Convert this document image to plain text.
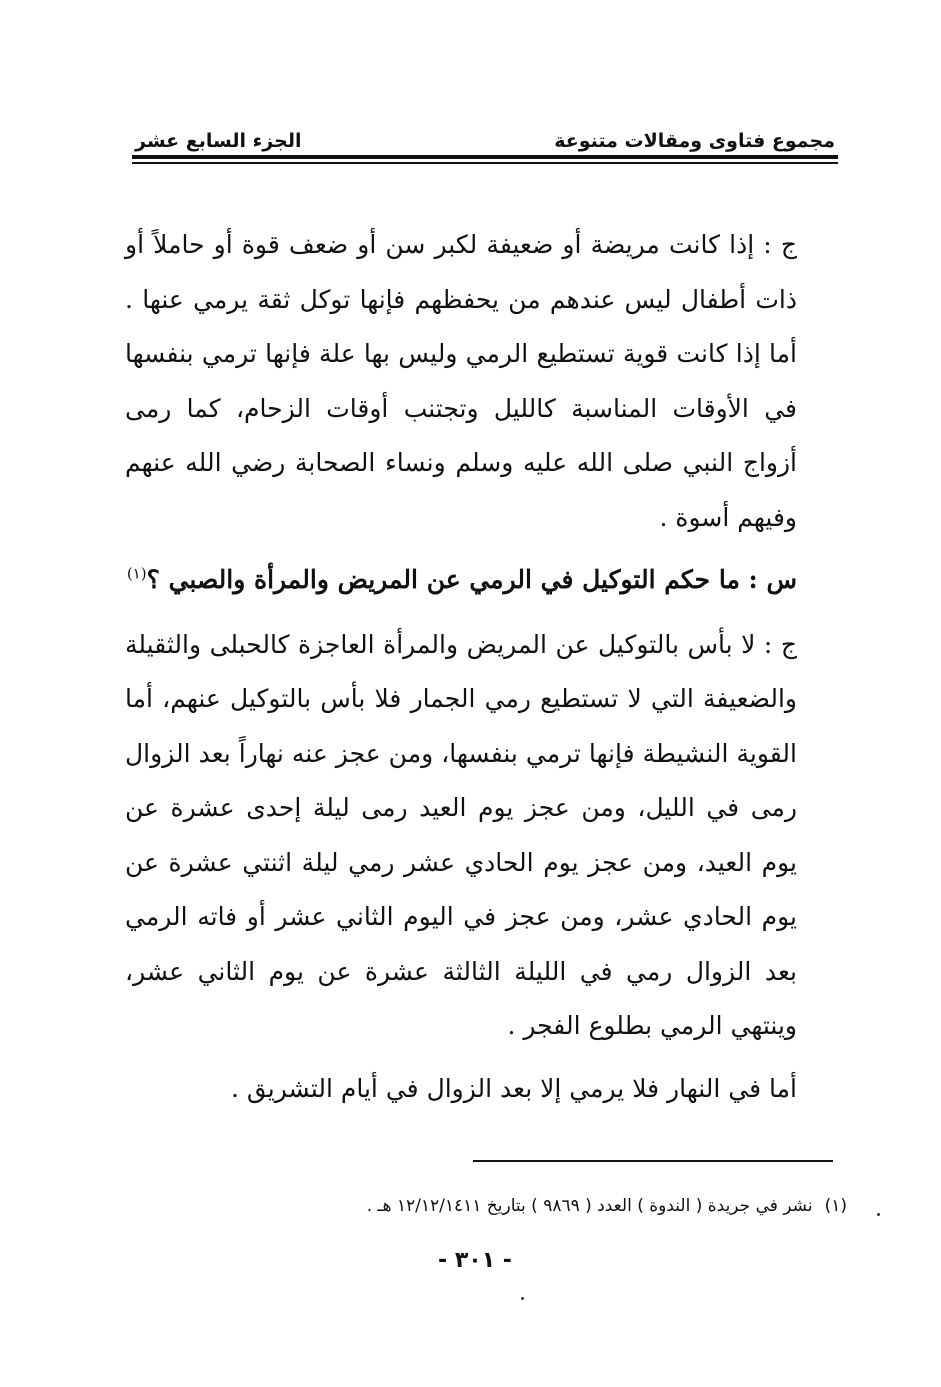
مجموع فتاوى ومقالات متنوعة
الجزء السابع عشر

ج : إذا كانت مريضة أو ضعيفة لكبر سن أو ضعف قوة أو حاملاً أو ذات أطفال ليس عندهم من يحفظهم فإنها توكل ثقة يرمي عنها . أما إذا كانت قوية تستطيع الرمي وليس بها علة فإنها ترمي بنفسها في الأوقات المناسبة كالليل وتجتنب أوقات الزحام، كما رمى أزواج النبي صلى الله عليه وسلم ونساء الصحابة رضي الله عنهم وفيهم أسوة .

س : ما حكم التوكيل في الرمي عن المريض والمرأة والصبي ؟$^{(١)}$

ج : لا بأس بالتوكيل عن المريض والمرأة العاجزة كالحبلى والثقيلة والضعيفة التي لا تستطيع رمي الجمار فلا بأس بالتوكيل عنهم، أما القوية النشيطة فإنها ترمي بنفسها، ومن عجز عنه نهاراً بعد الزوال رمى في الليل، ومن عجز يوم العيد رمى ليلة إحدى عشرة عن يوم العيد، ومن عجز يوم الحادي عشر رمي ليلة اثنتي عشرة عن يوم الحادي عشر، ومن عجز في اليوم الثاني عشر أو فاته الرمي بعد الزوال رمي في الليلة الثالثة عشرة عن يوم الثاني عشر، وينتهي الرمي بطلوع الفجر .

أما في النهار فلا يرمي إلا بعد الزوال في أيام التشريق .

(١)نشر في جريدة ( الندوة ) العدد ( ٩٨٦٩ ) بتاريخ ١٢/١٢/١٤١١ هـ .
- ٣٠١ -
